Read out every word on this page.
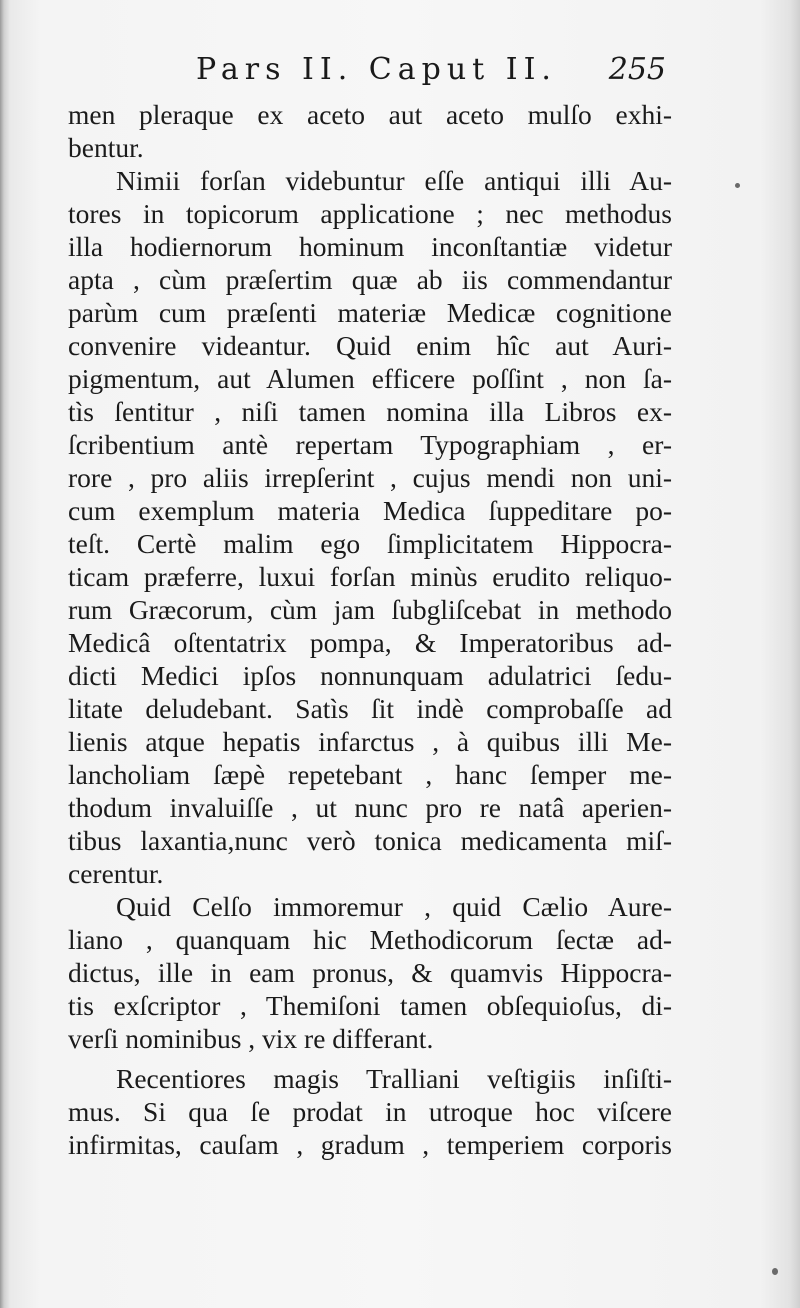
Pars II. Caput II. 255
men pleraque ex aceto aut aceto mulſo exhi-
bentur.
Nimii forſan videbuntur eſſe antiqui illi Au-
tores in topicorum applicatione ; nec methodus
illa hodiernorum hominum inconſtantiæ videtur
apta , cùm præſertim quæ ab iis commendantur
parùm cum præſenti materiæ Medicæ cognitione
convenire videantur. Quid enim hîc aut Auri-
pigmentum, aut Alumen efficere poſſint , non ſa-
tìs ſentitur , niſi tamen nomina illa Libros ex-
ſcribentium antè repertam Typographiam , er-
rore , pro aliis irrepſerint , cujus mendi non uni-
cum exemplum materia Medica ſuppeditare po-
teſt. Certè malim ego ſimplicitatem Hippocra-
ticam præferre, luxui forſan minùs erudito reliquo-
rum Græcorum, cùm jam ſubgliſcebat in methodo
Medicâ oſtentatrix pompa, & Imperatoribus ad-
dicti Medici ipſos nonnunquam adulatrici ſedu-
litate deludebant. Satìs ſit indè comprobaſſe ad
lienis atque hepatis infarctus , à quibus illi Me-
lancholiam ſæpè repetebant , hanc ſemper me-
thodum invaluiſſe , ut nunc pro re natâ aperien-
tibus laxantia,nunc verò tonica medicamenta miſ-
cerentur.
Quid Celſo immoremur , quid Cælio Aure-
liano , quanquam hic Methodicorum ſectæ ad-
dictus, ille in eam pronus, & quamvis Hippocra-
tis exſcriptor , Themiſoni tamen obſequioſus, di-
verſi nominibus , vix re differant.
Recentiores magis Tralliani veſtigiis inſiſti-
mus. Si qua ſe prodat in utroque hoc viſcere
infirmitas, cauſam , gradum , temperiem corporis
